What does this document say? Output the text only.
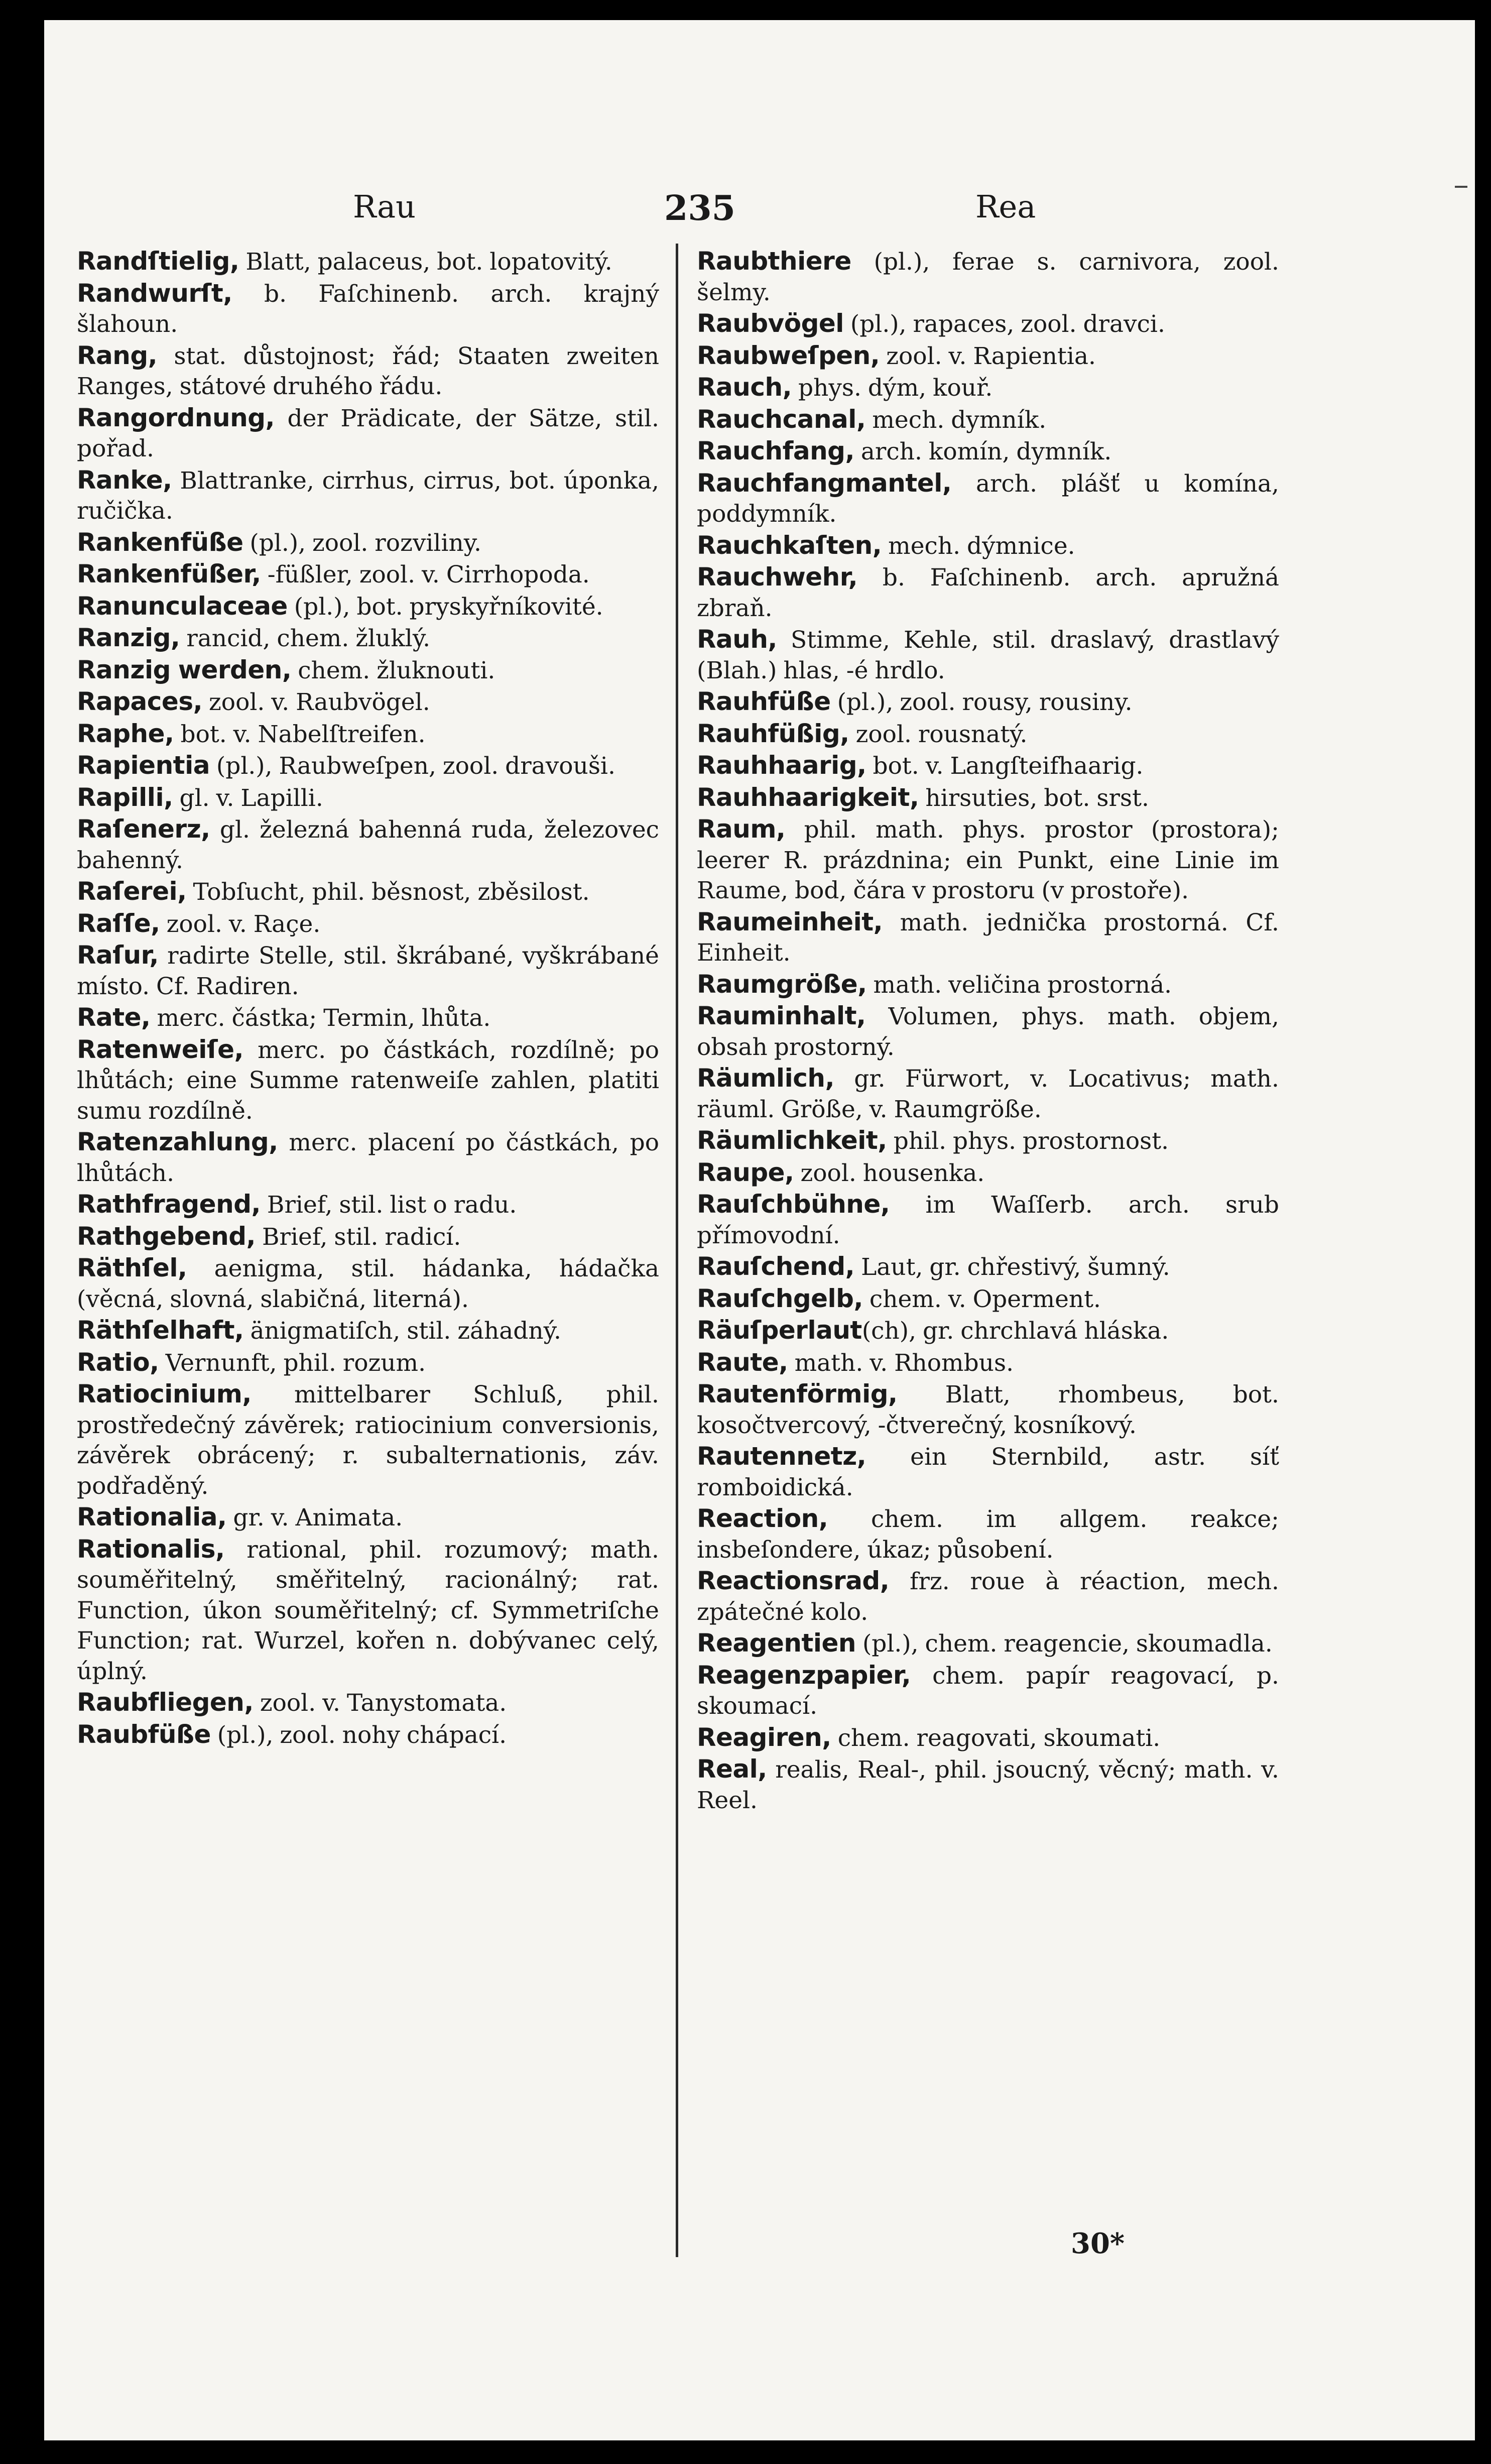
Rau	235	Rea
Randſtielig, Blatt, palaceus, bot. lopatovitý.
Randwurſt, b. Faſchinenb. arch. krajný šlahoun.
Rang, stat. důstojnost; řád; Staaten zweiten Ranges, státové druhého řádu.
Rangordnung, der Prädicate, der Sätze, stil. pořad.
Ranke, Blattranke, cirrhus, cirrus, bot. úponka, ručička.
Rankenfüße (pl.), zool. rozviliny.
Rankenfüßer, -füßler, zool. v. Cirrhopoda.
Ranunculaceae (pl.), bot. pryskyřníkovité.
Ranzig, rancid, chem. žluklý.
Ranzig werden, chem. žluknouti.
Rapaces, zool. v. Raubvögel.
Raphe, bot. v. Nabelſtreifen.
Rapientia (pl.), Raubweſpen, zool. dravouši.
Rapilli, gl. v. Lapilli.
Raſenerz, gl. železná bahenná ruda, železovec bahenný.
Raſerei, Tobſucht, phil. běsnost, zběsilost.
Raſſe, zool. v. Raçe.
Raſur, radirte Stelle, stil. škrábané, vyškrábané místo. Cf. Radiren.
Rate, merc. částka; Termin, lhůta.
Ratenweiſe, merc. po částkách, rozdílně; po lhůtách; eine Summe ratenweiſe zahlen, platiti sumu rozdílně.
Ratenzahlung, merc. placení po částkách, po lhůtách.
Rathfragend, Brief, stil. list o radu.
Rathgebend, Brief, stil. radicí.
Räthſel, aenigma, stil. hádanka, hádačka (věcná, slovná, slabičná, literná).
Räthſelhaft, änigmatiſch, stil. záhadný.
Ratio, Vernunft, phil. rozum.
Ratiocinium, mittelbarer Schluß, phil. prostředečný závěrek; ratiocinium conversionis, závěrek obrácený; r. subalternationis, záv. podřaděný.
Rationalia, gr. v. Animata.
Rationalis, rational, phil. rozumový; math. souměřitelný, směřitelný, racionálný; rat. Function, úkon souměřitelný; cf. Symmetriſche Function; rat. Wurzel, kořen n. dobývanec celý, úplný.
Raubfliegen, zool. v. Tanystomata.
Raubfüße (pl.), zool. nohy chápací.
Raubthiere (pl.), ferae s. carnivora, zool. šelmy.
Raubvögel (pl.), rapaces, zool. dravci.
Raubweſpen, zool. v. Rapientia.
Rauch, phys. dým, kouř.
Rauchcanal, mech. dymník.
Rauchfang, arch. komín, dymník.
Rauchfangmantel, arch. plášť u komína, poddymník.
Rauchkaſten, mech. dýmnice.
Rauchwehr, b. Faſchinenb. arch. apružná zbraň.
Rauh, Stimme, Kehle, stil. draslavý, drastlavý (Blah.) hlas, -é hrdlo.
Rauhfüße (pl.), zool. rousy, rousiny.
Rauhfüßig, zool. rousnatý.
Rauhhaarig, bot. v. Langſteifhaarig.
Rauhhaarigkeit, hirsuties, bot. srst.
Raum, phil. math. phys. prostor (prostora); leerer R. prázdnina; ein Punkt, eine Linie im Raume, bod, čára v prostoru (v prostoře).
Raumeinheit, math. jednička prostorná. Cf. Einheit.
Raumgröße, math. veličina prostorná.
Rauminhalt, Volumen, phys. math. objem, obsah prostorný.
Räumlich, gr. Fürwort, v. Locativus; math. räuml. Größe, v. Raumgröße.
Räumlichkeit, phil. phys. prostornost.
Raupe, zool. housenka.
Rauſchbühne, im Waſſerb. arch. srub přímovodní.
Rauſchend, Laut, gr. chřestivý, šumný.
Rauſchgelb, chem. v. Operment.
Räuſperlaut(ch), gr. chrchlavá hláska.
Raute, math. v. Rhombus.
Rautenförmig, Blatt, rhombeus, bot. kosočtvercový, -čtverečný, kosníkový.
Rautennetz, ein Sternbild, astr. síť romboidická.
Reaction, chem. im allgem. reakce; insbeſondere, úkaz; působení.
Reactionsrad, frz. roue à réaction, mech. zpátečné kolo.
Reagentien (pl.), chem. reagencie, skoumadla.
Reagenzpapier, chem. papír reagovací, p. skoumací.
Reagiren, chem. reagovati, skoumati.
Real, realis, Real-, phil. jsoucný, věcný; math. v. Reel.
30*
